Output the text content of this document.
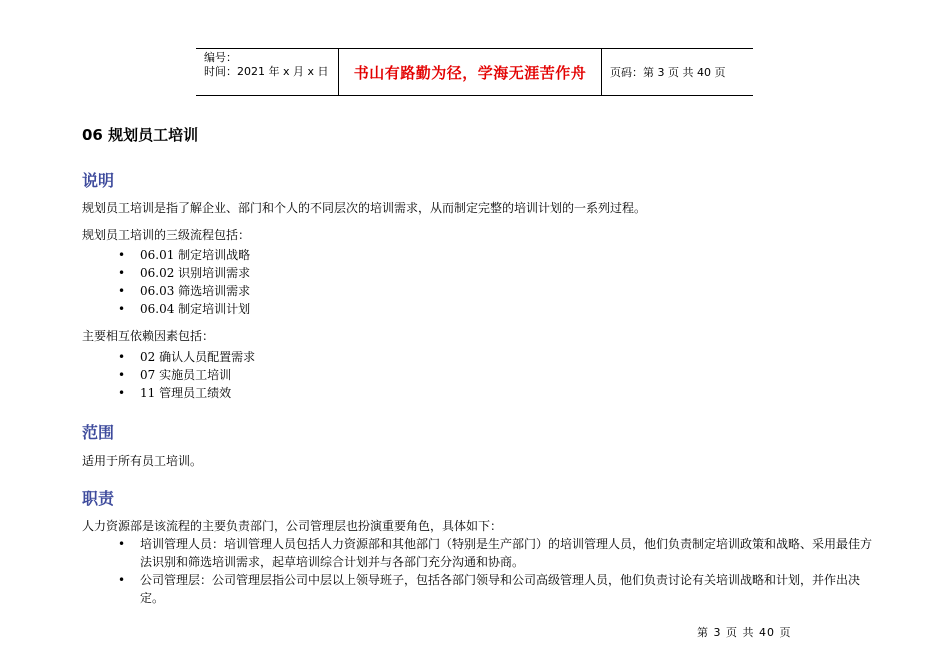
编号：
时间：2021 年 x 月 x 日	书山有路勤为径，学海无涯苦作舟	页码：第 3 页 共 40 页
06 规划员工培训
说明
规划员工培训是指了解企业、部门和个人的不同层次的培训需求，从而制定完整的培训计划的一系列过程。
规划员工培训的三级流程包括：
• 06.01 制定培训战略
• 06.02 识别培训需求
• 06.03 筛选培训需求
• 06.04 制定培训计划
主要相互依赖因素包括：
• 02 确认人员配置需求
• 07 实施员工培训
• 11 管理员工绩效
范围
适用于所有员工培训。
职责
人力资源部是该流程的主要负责部门，公司管理层也扮演重要角色，具体如下：
• 培训管理人员：培训管理人员包括人力资源部和其他部门（特别是生产部门）的培训管理人员，他们负责制定培训政策和战略、采用最佳方法识别和筛选培训需求，起草培训综合计划并与各部门充分沟通和协商。
• 公司管理层：公司管理层指公司中层以上领导班子，包括各部门领导和公司高级管理人员，他们负责讨论有关培训战略和计划，并作出决定。
第 3 页 共 40 页
